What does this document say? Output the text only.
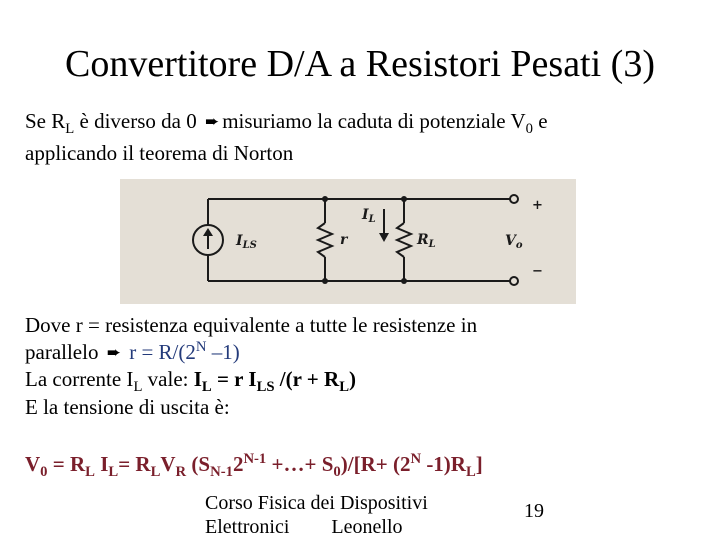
Convertitore D/A a Resistori Pesati (3)
Se $R_L$ è diverso da 0 ➨ misuriamo la caduta di potenziale $V_0$ e
applicando il teorema di Norton
$I_{LS}$	r
$I_L$
$R_L$	$V_o$
+
−
Dove r = resistenza equivalente a tutte le resistenze in
parallelo ➨ $r = R/(2^N$ –1)
La corrente $I_L$ vale: $I_L = r$ $I_{LS}$ $/(r + R_L)$
E la tensione di uscita è:
$V_0 = R_L$ $I_L= R_LV_R$ ($S_{N-1}2^{N-1}$ +…+ $S_0)/[R+ (2^N$ $-1)R_L$]
Corso Fisica dei Dispositivi
Elettronici Leonello
19
